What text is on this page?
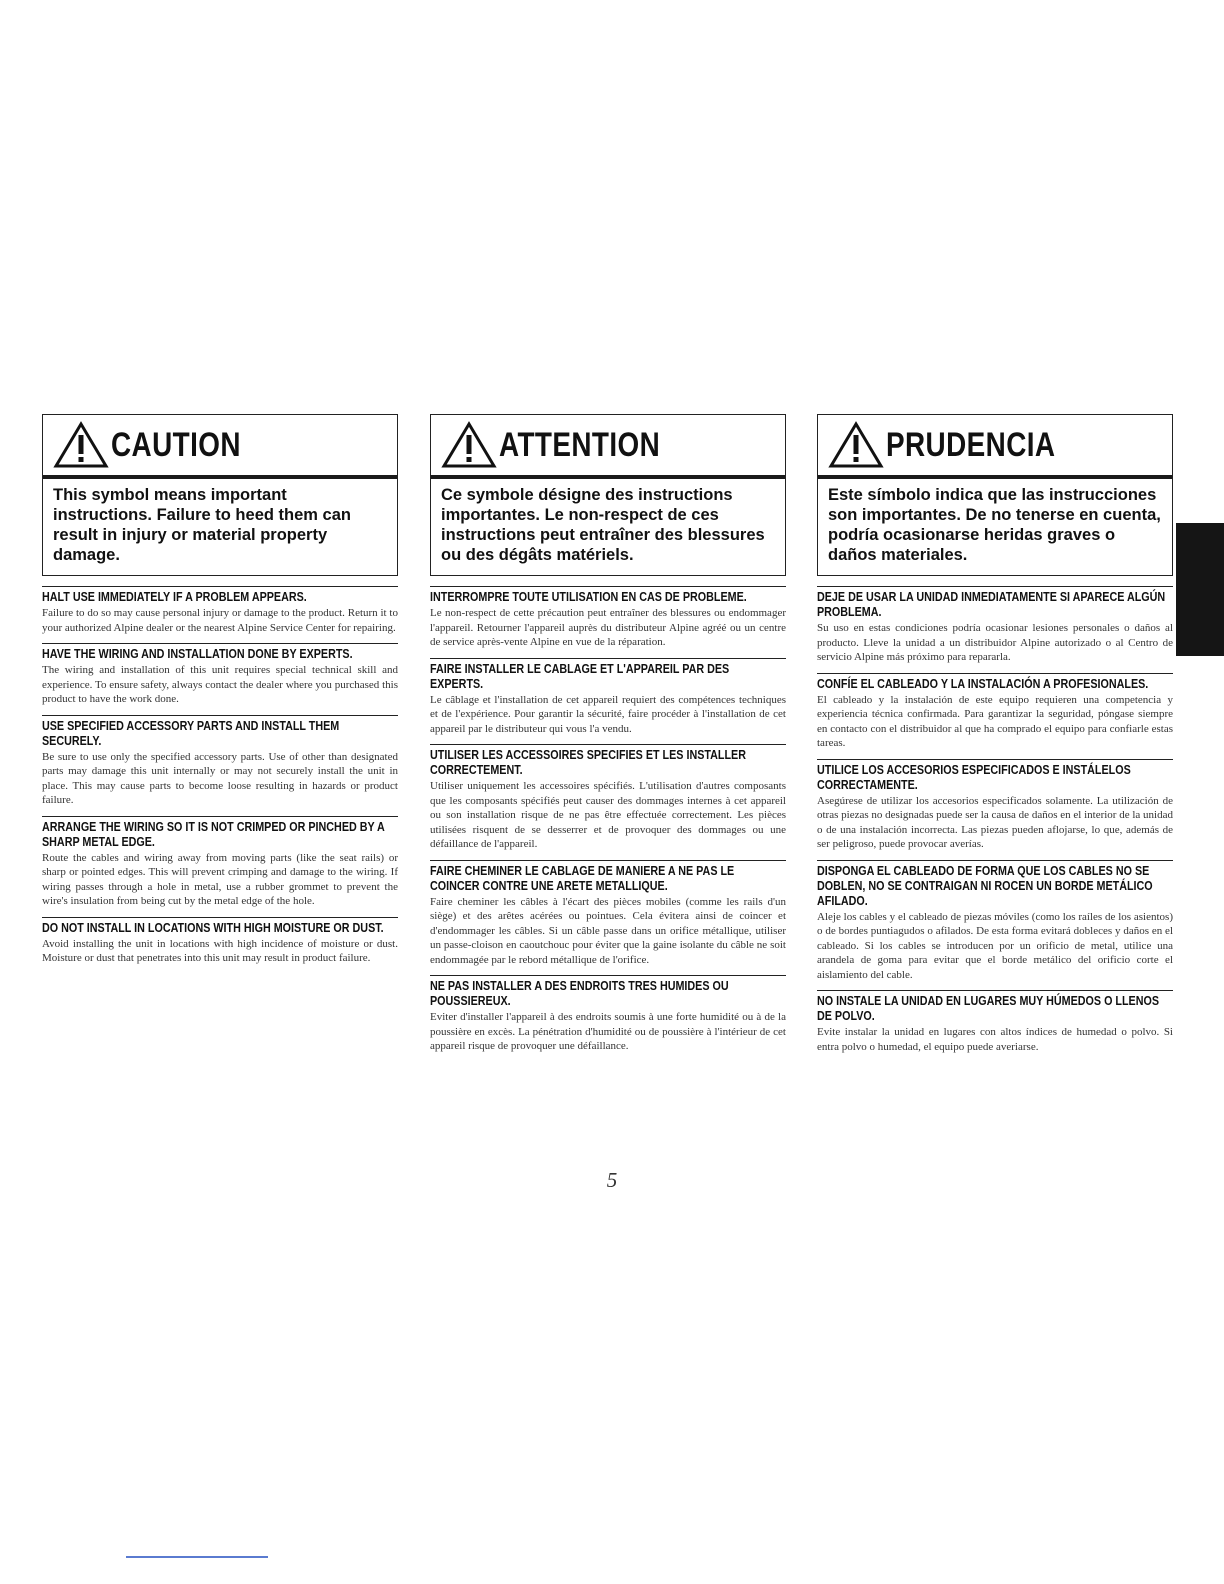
CAUTION
This symbol means important instructions. Failure to heed them can result in injury or material property damage.
HALT USE IMMEDIATELY IF A PROBLEM APPEARS.
Failure to do so may cause personal injury or damage to the product. Return it to your authorized Alpine dealer or the nearest Alpine Service Center for repairing.
HAVE THE WIRING AND INSTALLATION DONE BY EXPERTS.
The wiring and installation of this unit requires special technical skill and experience. To ensure safety, always contact the dealer where you purchased this product to have the work done.
USE SPECIFIED ACCESSORY PARTS AND INSTALL THEM SECURELY.
Be sure to use only the specified accessory parts. Use of other than designated parts may damage this unit internally or may not securely install the unit in place. This may cause parts to become loose resulting in hazards or product failure.
ARRANGE THE WIRING SO IT IS NOT CRIMPED OR PINCHED BY A SHARP METAL EDGE.
Route the cables and wiring away from moving parts (like the seat rails) or sharp or pointed edges. This will prevent crimping and damage to the wiring. If wiring passes through a hole in metal, use a rubber grommet to prevent the wire's insulation from being cut by the metal edge of the hole.
DO NOT INSTALL IN LOCATIONS WITH HIGH MOISTURE OR DUST.
Avoid installing the unit in locations with high incidence of moisture or dust. Moisture or dust that penetrates into this unit may result in product failure.
ATTENTION
Ce symbole désigne des instructions importantes. Le non-respect de ces instructions peut entraîner des blessures ou des dégâts matériels.
INTERROMPRE TOUTE UTILISATION EN CAS DE PROBLEME.
Le non-respect de cette précaution peut entraîner des blessures ou endommager l'appareil. Retourner l'appareil auprès du distributeur Alpine agréé ou un centre de service après-vente Alpine en vue de la réparation.
FAIRE INSTALLER LE CABLAGE ET L'APPAREIL PAR DES EXPERTS.
Le câblage et l'installation de cet appareil requiert des compétences techniques et de l'expérience. Pour garantir la sécurité, faire procéder à l'installation de cet appareil par le distributeur qui vous l'a vendu.
UTILISER LES ACCESSOIRES SPECIFIES ET LES INSTALLER CORRECTEMENT.
Utiliser uniquement les accessoires spécifiés. L'utilisation d'autres composants que les composants spécifiés peut causer des dommages internes à cet appareil ou son installation risque de ne pas être effectuée correctement. Les pièces utilisées risquent de se desserrer et de provoquer des dommages ou une défaillance de l'appareil.
FAIRE CHEMINER LE CABLAGE DE MANIERE A NE PAS LE COINCER CONTRE UNE ARETE METALLIQUE.
Faire cheminer les câbles à l'écart des pièces mobiles (comme les rails d'un siège) et des arêtes acérées ou pointues. Cela évitera ainsi de coincer et d'endommager les câbles. Si un câble passe dans un orifice métallique, utiliser un passe-cloison en caoutchouc pour éviter que la gaine isolante du câble ne soit endommagée par le rebord métallique de l'orifice.
NE PAS INSTALLER A DES ENDROITS TRES HUMIDES OU POUSSIEREUX.
Eviter d'installer l'appareil à des endroits soumis à une forte humidité ou à de la poussière en excès. La pénétration d'humidité ou de poussière à l'intérieur de cet appareil risque de provoquer une défaillance.
PRUDENCIA
Este símbolo indica que las instrucciones son importantes. De no tenerse en cuenta, podría ocasionarse heridas graves o daños materiales.
DEJE DE USAR LA UNIDAD INMEDIATAMENTE SI APARECE ALGÚN PROBLEMA.
Su uso en estas condiciones podría ocasionar lesiones personales o daños al producto. Lleve la unidad a un distribuidor Alpine autorizado o al Centro de servicio Alpine más próximo para repararla.
CONFÍE EL CABLEADO Y LA INSTALACIÓN A PROFESIONALES.
El cableado y la instalación de este equipo requieren una competencia y experiencia técnica confirmada. Para garantizar la seguridad, póngase siempre en contacto con el distribuidor al que ha comprado el equipo para confiarle estas tareas.
UTILICE LOS ACCESORIOS ESPECIFICADOS E INSTÁLELOS CORRECTAMENTE.
Asegúrese de utilizar los accesorios especificados solamente. La utilización de otras piezas no designadas puede ser la causa de daños en el interior de la unidad o de una instalación incorrecta. Las piezas pueden aflojarse, lo que, además de ser peligroso, puede provocar averías.
DISPONGA EL CABLEADO DE FORMA QUE LOS CABLES NO SE DOBLEN, NO SE CONTRAIGAN NI ROCEN UN BORDE METÁLICO AFILADO.
Aleje los cables y el cableado de piezas móviles (como los raíles de los asientos) o de bordes puntiagudos o afilados. De esta forma evitará dobleces y daños en el cableado. Si los cables se introducen por un orificio de metal, utilice una arandela de goma para evitar que el borde metálico del orificio corte el aislamiento del cable.
NO INSTALE LA UNIDAD EN LUGARES MUY HÚMEDOS O LLENOS DE POLVO.
Evite instalar la unidad en lugares con altos índices de humedad o polvo. Si entra polvo o humedad, el equipo puede averiarse.
5
